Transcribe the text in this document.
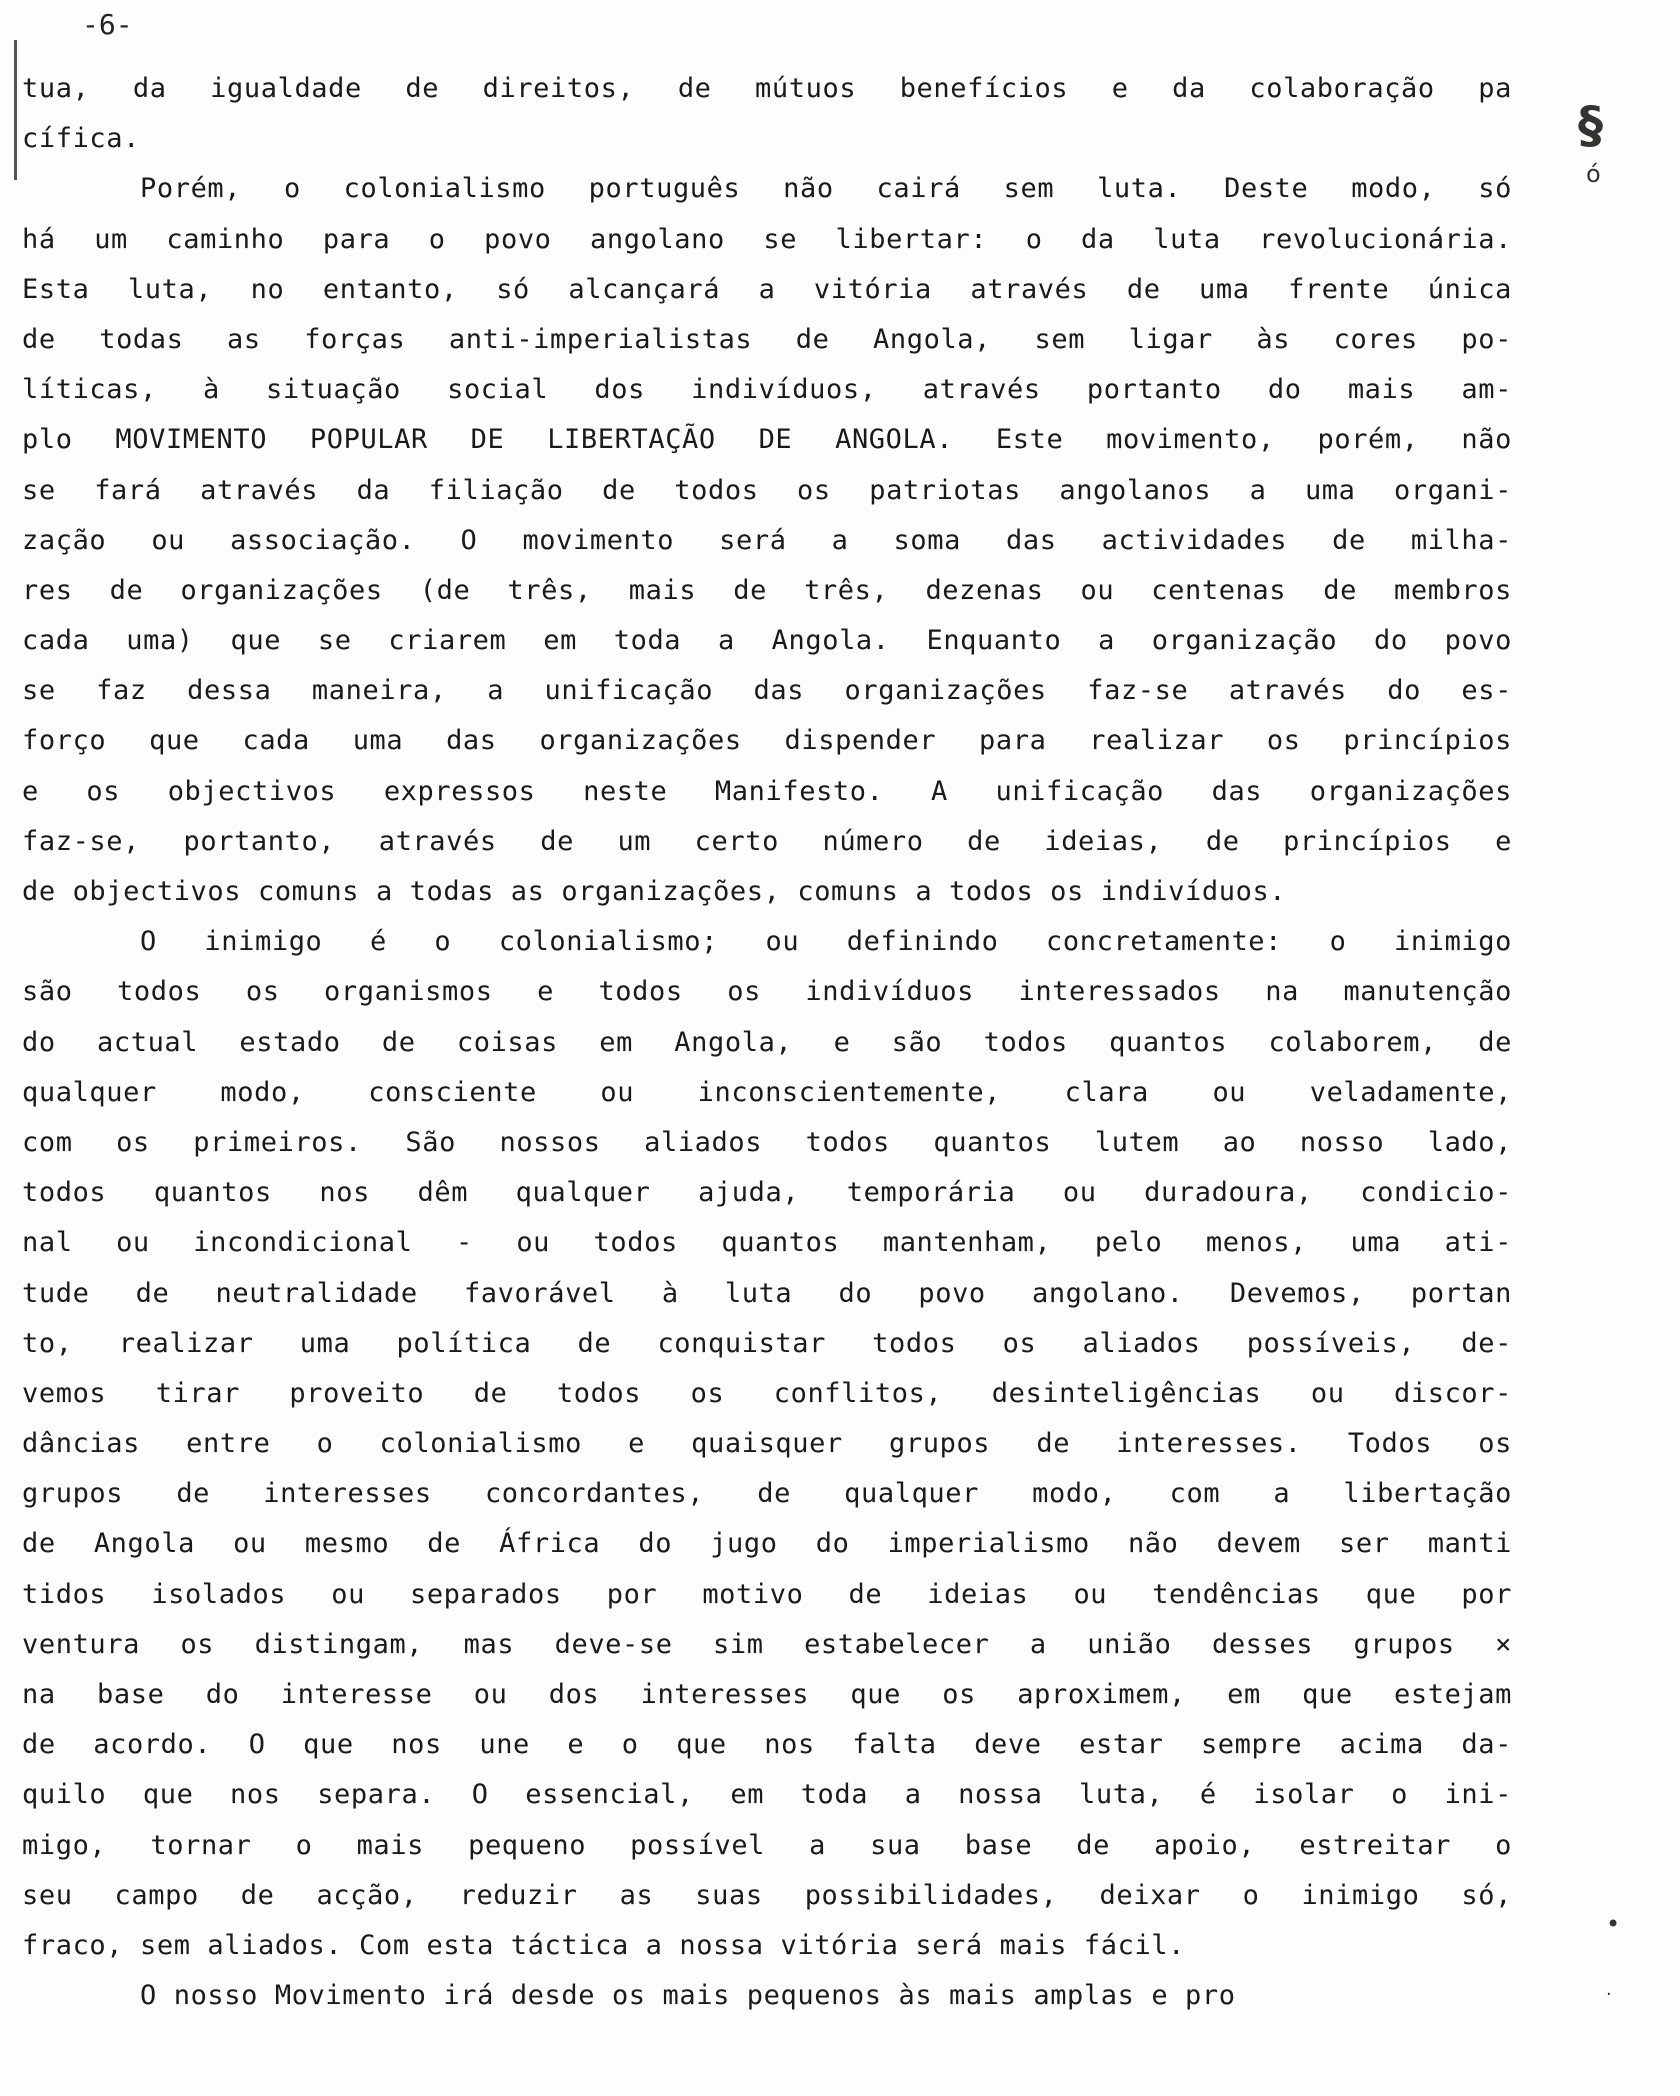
-6-
§
ó
•
·
tua, da igualdade de direitos, de mútuos benefícios e da colaboração pa
cífica.
Porém, o colonialismo português não cairá sem luta. Deste modo, só
há um caminho para o povo angolano se libertar: o da luta revolucionária.
Esta luta, no entanto, só alcançará a vitória através de uma frente única
de todas as forças anti-imperialistas de Angola, sem ligar às cores po-
líticas, à situação social dos indivíduos, através portanto do mais am-
plo MOVIMENTO POPULAR DE LIBERTAÇÃO DE ANGOLA. Este movimento, porém, não
se fará através da filiação de todos os patriotas angolanos a uma organi-
zação ou associação. O movimento será a soma das actividades de milha-
res de organizações (de três, mais de três, dezenas ou centenas de membros
cada uma) que se criarem em toda a Angola. Enquanto a organização do povo
se faz dessa maneira, a unificação das organizações faz-se através do es-
forço que cada uma das organizações dispender para realizar os princípios
e os objectivos expressos neste Manifesto. A unificação das organizações
faz-se, portanto, através de um certo número de ideias, de princípios e
de objectivos comuns a todas as organizações, comuns a todos os indivíduos.
O inimigo é o colonialismo; ou definindo concretamente: o inimigo
são todos os organismos e todos os indivíduos interessados na manutenção
do actual estado de coisas em Angola, e são todos quantos colaborem, de
qualquer modo, consciente ou inconscientemente, clara ou veladamente,
com os primeiros. São nossos aliados todos quantos lutem ao nosso lado,
todos quantos nos dêm qualquer ajuda, temporária ou duradoura, condicio-
nal ou incondicional - ou todos quantos mantenham, pelo menos, uma ati-
tude de neutralidade favorável à luta do povo angolano. Devemos, portan
to, realizar uma política de conquistar todos os aliados possíveis, de-
vemos tirar proveito de todos os conflitos, desinteligências ou discor-
dâncias entre o colonialismo e quaisquer grupos de interesses. Todos os
grupos de interesses concordantes, de qualquer modo, com a libertação
de Angola ou mesmo de África do jugo do imperialismo não devem ser manti
tidos isolados ou separados por motivo de ideias ou tendências que por
ventura os distingam, mas deve-se sim estabelecer a união desses grupos ×
na base do interesse ou dos interesses que os aproximem, em que estejam
de acordo. O que nos une e o que nos falta deve estar sempre acima da-
quilo que nos separa. O essencial, em toda a nossa luta, é isolar o ini-
migo, tornar o mais pequeno possível a sua base de apoio, estreitar o
seu campo de acção, reduzir as suas possibilidades, deixar o inimigo só,
fraco, sem aliados. Com esta táctica a nossa vitória será mais fácil.
O nosso Movimento irá desde os mais pequenos às mais amplas e pro
